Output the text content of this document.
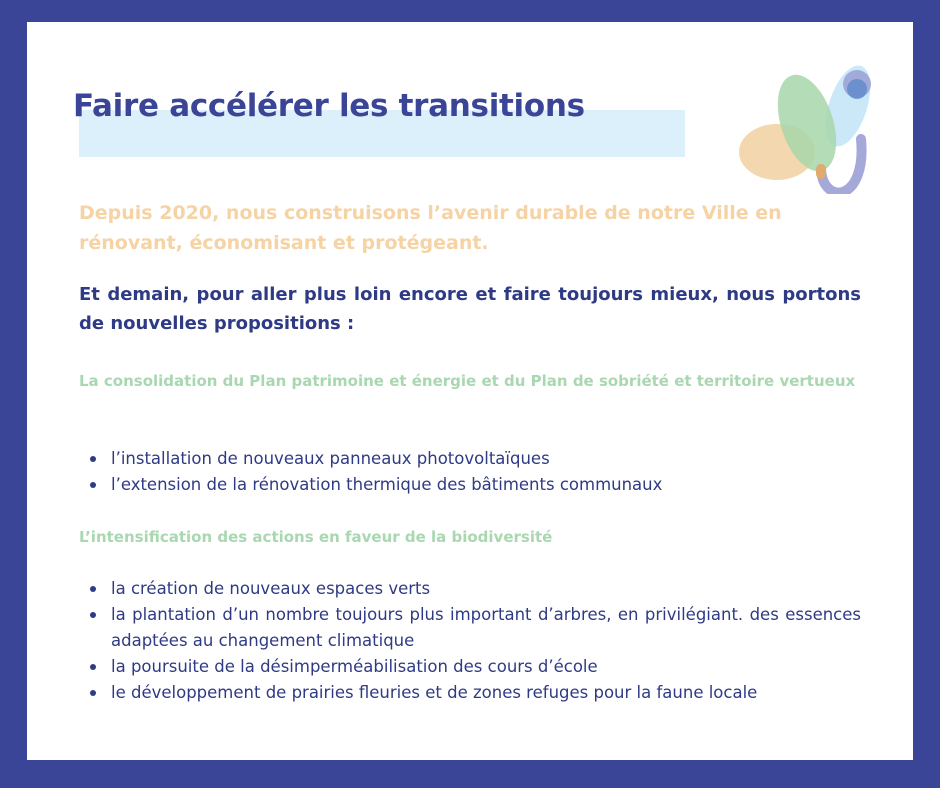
Faire accélérer les transitions

Depuis 2020, nous construisons l’avenir durable de notre Ville en rénovant, économisant et protégeant.

Et demain, pour aller plus loin encore et faire toujours mieux, nous portons de nouvelles propositions :

La consolidation du Plan patrimoine et énergie et du Plan de sobriété et territoire vertueux
l’installation de nouveaux panneaux photovoltaïques
l’extension de la rénovation thermique des bâtiments communaux
L’intensification des actions en faveur de la biodiversité
la création de nouveaux espaces verts
la plantation d’un nombre toujours plus important d’arbres, en privilégiant. des essences adaptées au changement climatique
la poursuite de la désimperméabilisation des cours d’école
le développement de prairies fleuries et de zones refuges pour la faune locale
